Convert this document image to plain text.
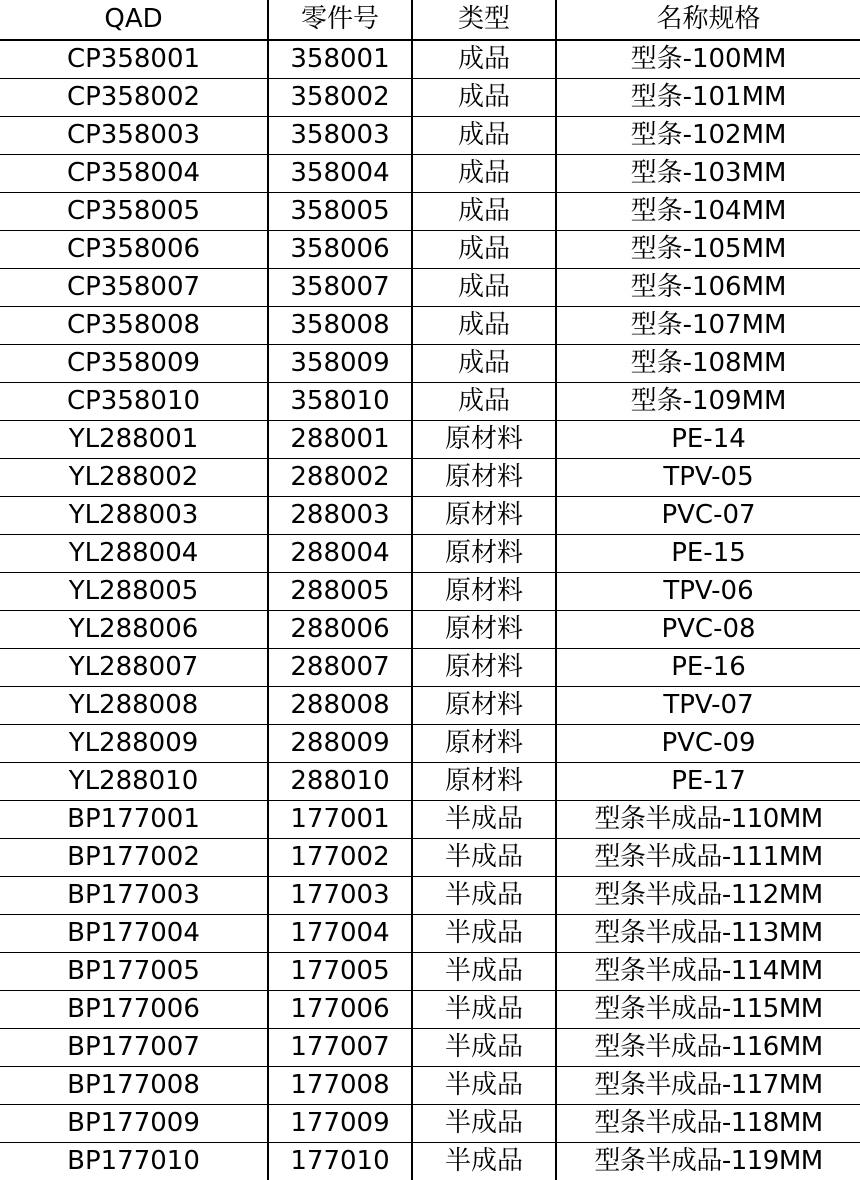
QAD	零件号	类型	名称规格
CP358001	358001	成品	型条-100MM
CP358002	358002	成品	型条-101MM
CP358003	358003	成品	型条-102MM
CP358004	358004	成品	型条-103MM
CP358005	358005	成品	型条-104MM
CP358006	358006	成品	型条-105MM
CP358007	358007	成品	型条-106MM
CP358008	358008	成品	型条-107MM
CP358009	358009	成品	型条-108MM
CP358010	358010	成品	型条-109MM
YL288001	288001	原材料	PE-14
YL288002	288002	原材料	TPV-05
YL288003	288003	原材料	PVC-07
YL288004	288004	原材料	PE-15
YL288005	288005	原材料	TPV-06
YL288006	288006	原材料	PVC-08
YL288007	288007	原材料	PE-16
YL288008	288008	原材料	TPV-07
YL288009	288009	原材料	PVC-09
YL288010	288010	原材料	PE-17
BP177001	177001	半成品	型条半成品-110MM
BP177002	177002	半成品	型条半成品-111MM
BP177003	177003	半成品	型条半成品-112MM
BP177004	177004	半成品	型条半成品-113MM
BP177005	177005	半成品	型条半成品-114MM
BP177006	177006	半成品	型条半成品-115MM
BP177007	177007	半成品	型条半成品-116MM
BP177008	177008	半成品	型条半成品-117MM
BP177009	177009	半成品	型条半成品-118MM
BP177010	177010	半成品	型条半成品-119MM
